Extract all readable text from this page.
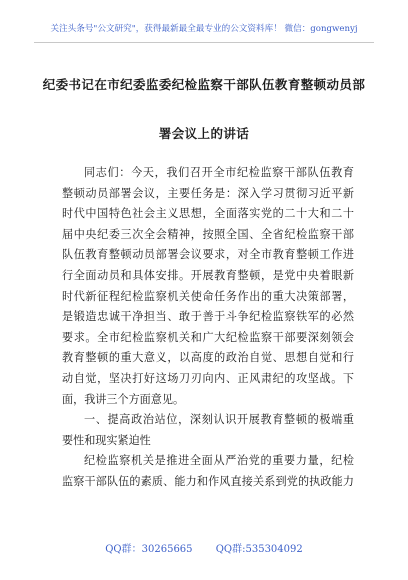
关注头条号"公文研究"，获得最新最全最专业的公文资料库！ 微信：gongwenyj
纪委书记在市纪委监委纪检监察干部队伍教育整顿动员部
署会议上的讲话
同志们：今天，我们召开全市纪检监察干部队伍教育
整顿动员部署会议，主要任务是：深入学习贯彻习近平新
时代中国特色社会主义思想，全面落实党的二十大和二十
届中央纪委三次全会精神，按照全国、全省纪检监察干部
队伍教育整顿动员部署会议要求，对全市教育整顿工作进
行全面动员和具体安排。开展教育整顿，是党中央着眼新
时代新征程纪检监察机关使命任务作出的重大决策部署，
是锻造忠诚干净担当、敢于善于斗争纪检监察铁军的必然
要求。全市纪检监察机关和广大纪检监察干部要深刻领会
教育整顿的重大意义，以高度的政治自觉、思想自觉和行
动自觉，坚决打好这场刀刃向内、正风肃纪的攻坚战。下
面，我讲三个方面意见。
一、提高政治站位，深刻认识开展教育整顿的极端重
要性和现实紧迫性
纪检监察机关是推进全面从严治党的重要力量，纪检
监察干部队伍的素质、能力和作风直接关系到党的执政能力
QQ群：30265665 QQ群:535304092
